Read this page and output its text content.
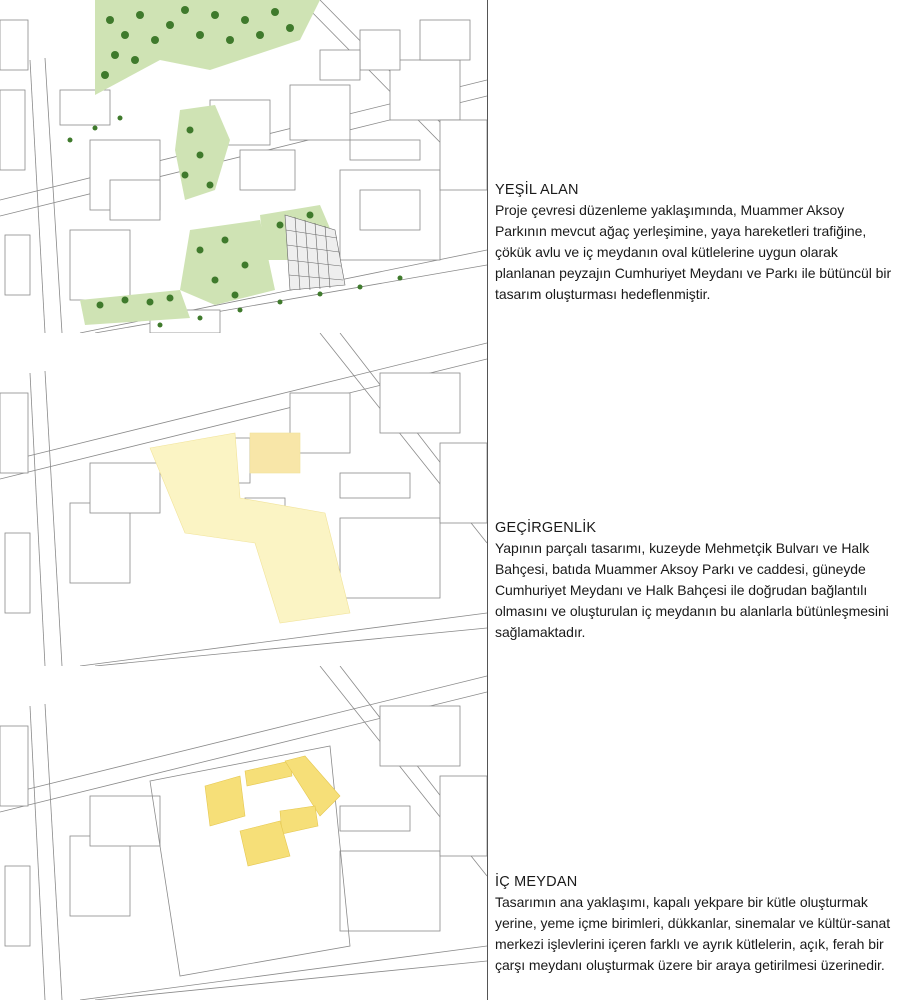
YEŞİL ALAN
Proje çevresi düzenleme yaklaşımında, Muammer Aksoy Parkının mevcut ağaç yerleşimine, yaya hareketleri trafiğine, çökük avlu ve iç meydanın oval kütlelerine uygun olarak planlanan peyzajın Cumhuriyet Meydanı ve Parkı ile bütüncül bir tasarım oluşturması hedeflenmiştir.
GEÇİRGENLİK
Yapının parçalı tasarımı, kuzeyde Mehmetçik Bulvarı ve Halk Bahçesi, batıda Muammer Aksoy Parkı ve caddesi, güneyde Cumhuriyet Meydanı ve Halk Bahçesi ile doğrudan bağlantılı olmasını ve oluşturulan iç meydanın bu alanlarla bütünleşmesini sağlamaktadır.
İÇ MEYDAN
Tasarımın ana yaklaşımı, kapalı yekpare bir kütle oluşturmak yerine, yeme içme birimleri, dükkanlar, sinemalar ve kültür-sanat merkezi işlevlerini içeren farklı ve ayrık kütlelerin, açık, ferah bir çarşı meydanı oluşturmak üzere bir araya getirilmesi üzerinedir.
